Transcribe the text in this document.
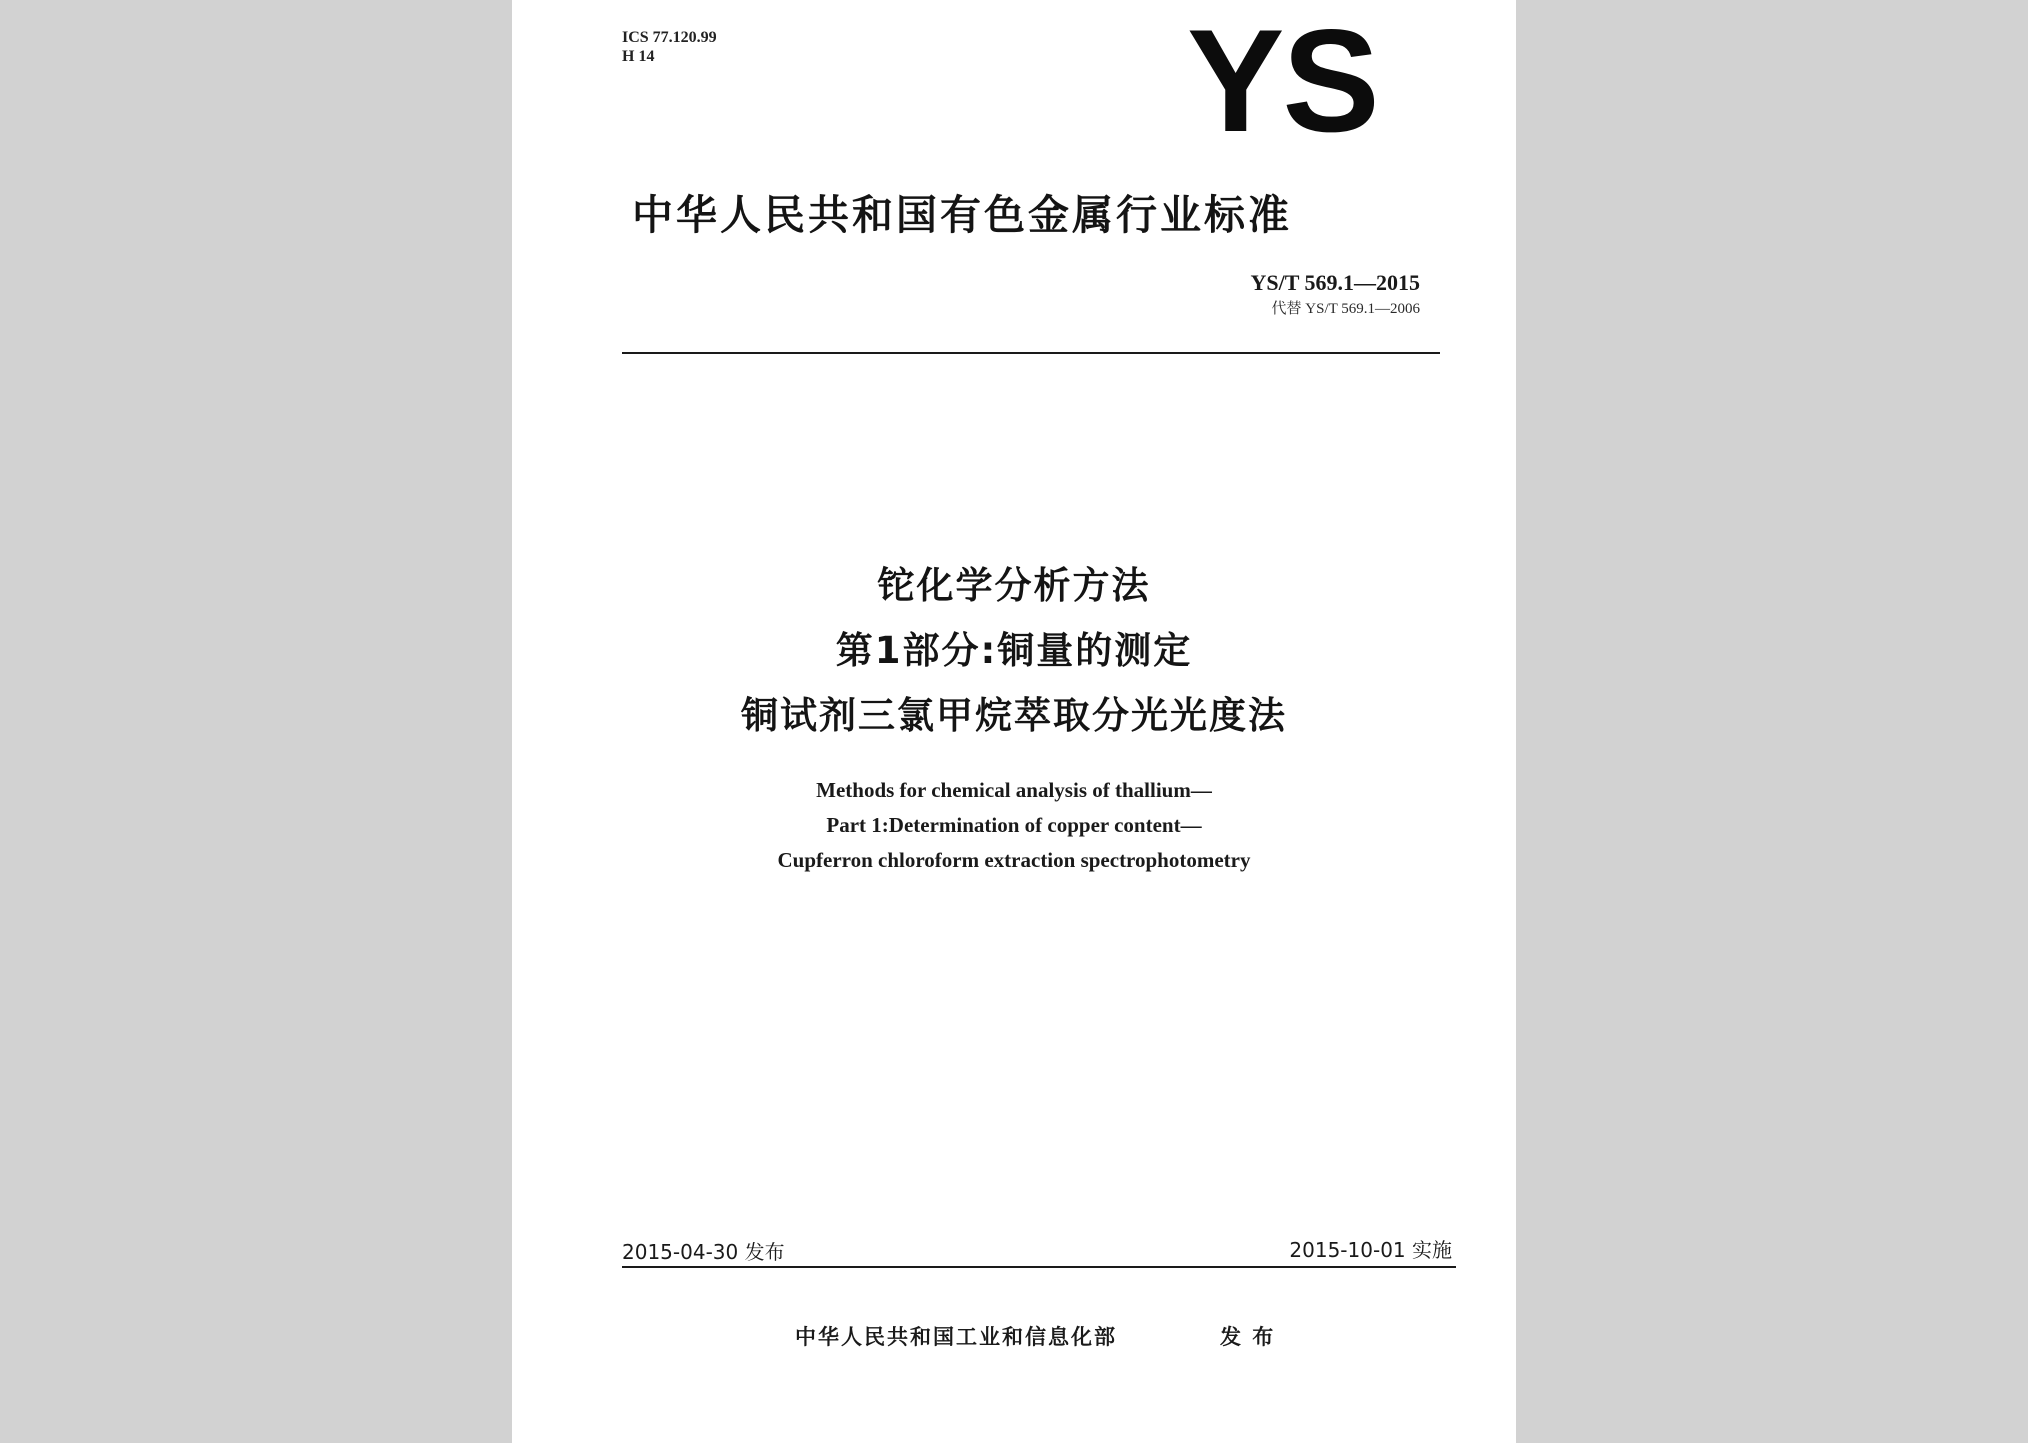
ICS 77.120.99
H 14	YS
中华人民共和国有色金属行业标准
YS/T 569.1—2015
代替 YS/T 569.1—2006
铊化学分析方法
第1部分:铜量的测定
铜试剂三氯甲烷萃取分光光度法
Methods for chemical analysis of thallium—
Part 1:Determination of copper content—
Cupferron chloroform extraction spectrophotometry
2015-04-30 发布	2015-10-01 实施
中华人民共和国工业和信息化部	发 布
